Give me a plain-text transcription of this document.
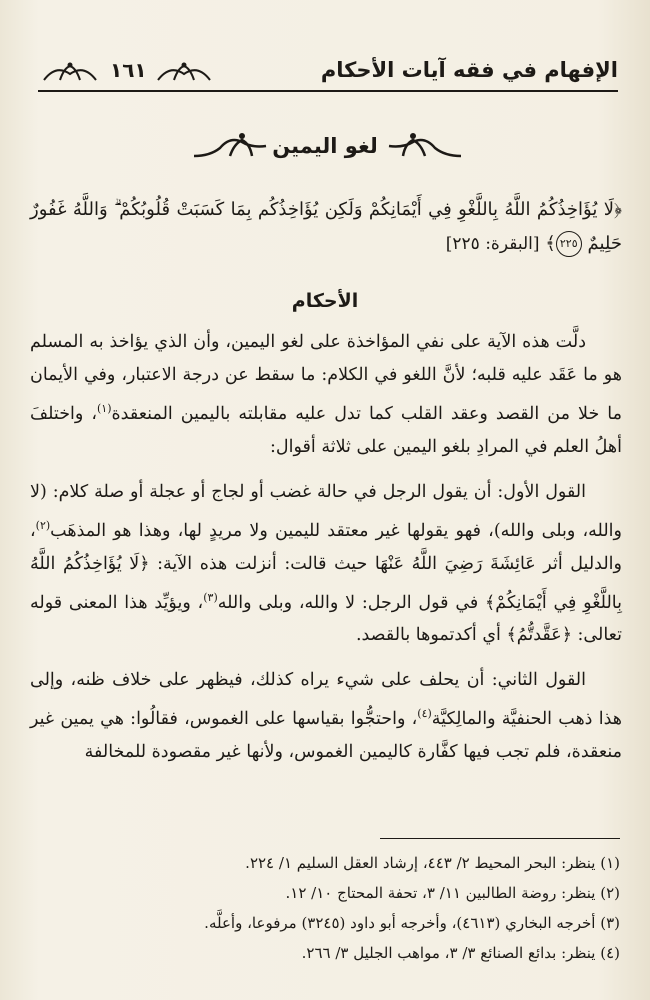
الإفهام في فقه آيات الأحكام
١٦١
لغو اليمين
﴿لَا يُؤَاخِذُكُمُ اللَّهُ بِاللَّغْوِ فِي أَيْمَانِكُمْ وَلَكِن يُؤَاخِذُكُم بِمَا كَسَبَتْ قُلُوبُكُمْ ۗ وَاللَّهُ غَفُورٌ حَلِيمٌ ٢٢٥﴾ [البقرة: ٢٢٥]
الأحكام

دلَّت هذه الآية على نفي المؤاخذة على لغو اليمين، وأن الذي يؤاخذ به المسلم هو ما عَقَد عليه قلبه؛ لأنَّ اللغو في الكلام: ما سقط عن درجة الاعتبار، وفي الأيمان ما خلا من القصد وعقد القلب كما تدل عليه مقابلته باليمين المنعقدة$^{(١)}$، واختلفَ أهلُ العلم في المرادِ بلغو اليمين على ثلاثة أقوال:

القول الأول: أن يقول الرجل في حالة غضب أو لجاج أو عجلة أو صلة كلام: (لا والله، وبلى والله)، فهو يقولها غير معتقد لليمين ولا مريدٍ لها، وهذا هو المذهَب$^{(٢)}$، والدليل أثر عَائِشَةَ رَضِيَ اللَّهُ عَنْهَا حيث قالت: أنزلت هذه الآية: ﴿لَا يُؤَاخِذُكُمُ اللَّهُ بِاللَّغْوِ فِي أَيْمَانِكُمْ﴾ في قول الرجل: لا والله، وبلى والله$^{(٣)}$، ويؤيِّد هذا المعنى قوله تعالى: ﴿عَقَّدتُّمُ﴾ أي أكدتموها بالقصد.

القول الثاني: أن يحلف على شيء يراه كذلك، فيظهر على خلاف ظنه، وإلى هذا ذهب الحنفيَّة والمالِكيَّة$^{(٤)}$، واحتجُّوا بقياسها على الغموس، فقالُوا: هي يمين غير منعقدة، فلم تجب فيها كفَّارة كاليمين الغموس، ولأنها غير مقصودة للمخالفة

(١) ينظر: البحر المحيط ٢/ ٤٤٣، إرشاد العقل السليم ١/ ٢٢٤.
(٢) ينظر: روضة الطالبين ١١/ ٣، تحفة المحتاج ١٠/ ١٢.
(٣) أخرجه البخاري (٤٦١٣)، وأخرجه أبو داود (٣٢٤٥) مرفوعا، وأعلَّه.
(٤) ينظر: بدائع الصنائع ٣/ ٣، مواهب الجليل ٣/ ٢٦٦.
